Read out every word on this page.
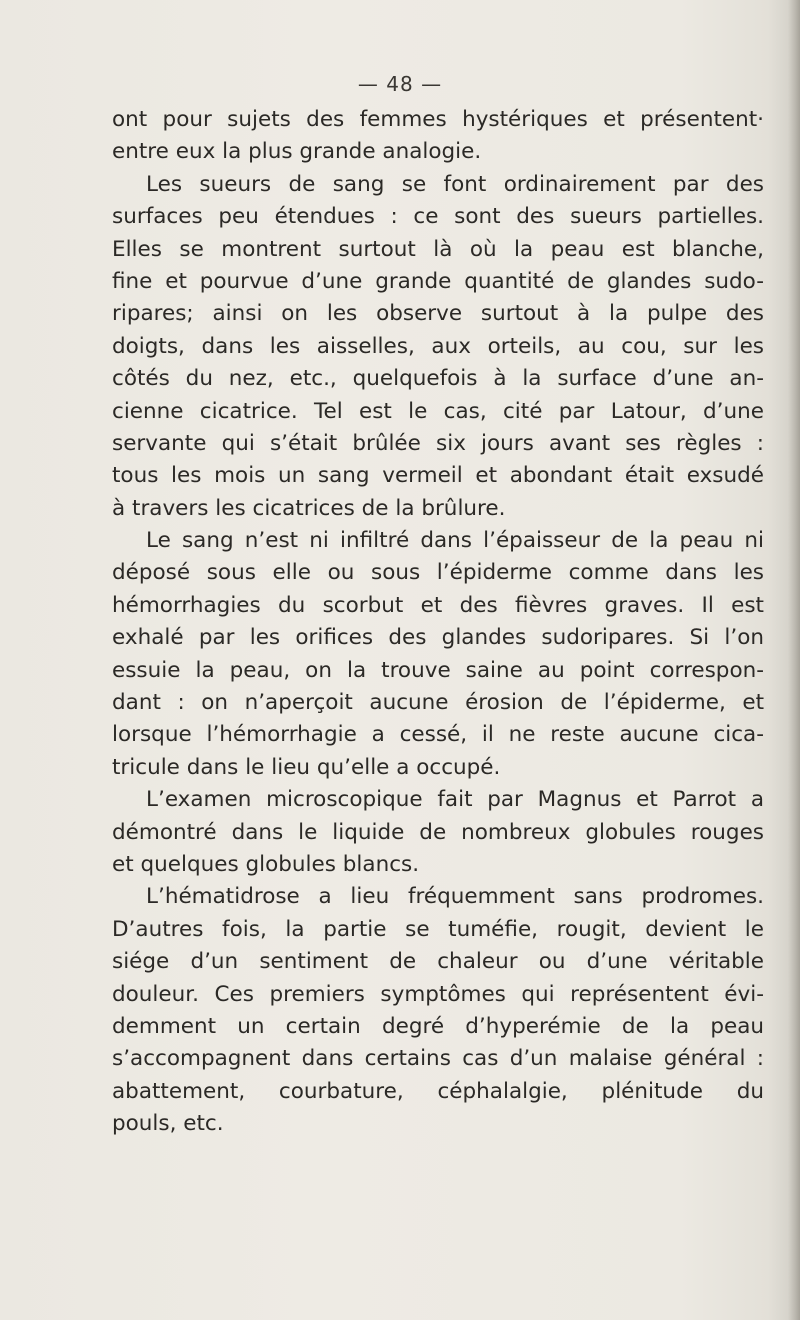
— 48 —
ont pour sujets des femmes hystériques et présentent·
entre eux la plus grande analogie.
Les sueurs de sang se font ordinairement par des
surfaces peu étendues : ce sont des sueurs partielles.
Elles se montrent surtout là où la peau est blanche,
fine et pourvue d’une grande quantité de glandes sudo-
ripares; ainsi on les observe surtout à la pulpe des
doigts, dans les aisselles, aux orteils, au cou, sur les
côtés du nez, etc., quelquefois à la surface d’une an-
cienne cicatrice. Tel est le cas, cité par Latour, d’une
servante qui s’était brûlée six jours avant ses règles :
tous les mois un sang vermeil et abondant était exsudé
à travers les cicatrices de la brûlure.
Le sang n’est ni infiltré dans l’épaisseur de la peau ni
déposé sous elle ou sous l’épiderme comme dans les
hémorrhagies du scorbut et des fièvres graves. Il est
exhalé par les orifices des glandes sudoripares. Si l’on
essuie la peau, on la trouve saine au point correspon-
dant : on n’aperçoit aucune érosion de l’épiderme, et
lorsque l’hémorrhagie a cessé, il ne reste aucune cica-
tricule dans le lieu qu’elle a occupé.
L’examen microscopique fait par Magnus et Parrot a
démontré dans le liquide de nombreux globules rouges
et quelques globules blancs.
L’hématidrose a lieu fréquemment sans prodromes.
D’autres fois, la partie se tuméfie, rougit, devient le
siége d’un sentiment de chaleur ou d’une véritable
douleur. Ces premiers symptômes qui représentent évi-
demment un certain degré d’hyperémie de la peau
s’accompagnent dans certains cas d’un malaise général :
abattement, courbature, céphalalgie, plénitude du
pouls, etc.
